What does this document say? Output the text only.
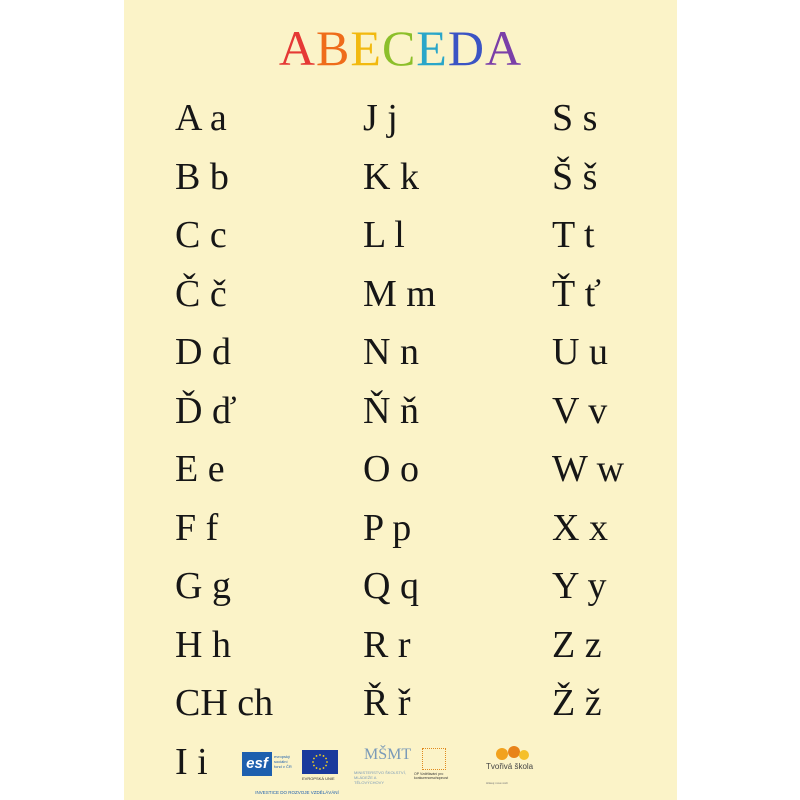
ABECEDA
A a
B b
C c
Č č
D d
Ď ď
E e
F f
G g
H h
CH ch
I i
J j
K k
L l
M m
N n
Ň ň
O o
P p
Q q
R r
Ř ř
S s
Š š
T t
Ť ť
U u
V v
W w
X x
Y y
Z z
Ž ž
esf	evropský sociální fond v ČR
EVROPSKÁ UNIE
MŠMT
MINISTERSTVO ŠKOLSTVÍ, MLÁDEŽE A TĚLOVÝCHOVY
OP Vzdělávání pro konkurenceschopnost
Tvořivá škola
Hlásuj nové úsilí
INVESTICE DO ROZVOJE VZDĚLÁVÁNÍ
